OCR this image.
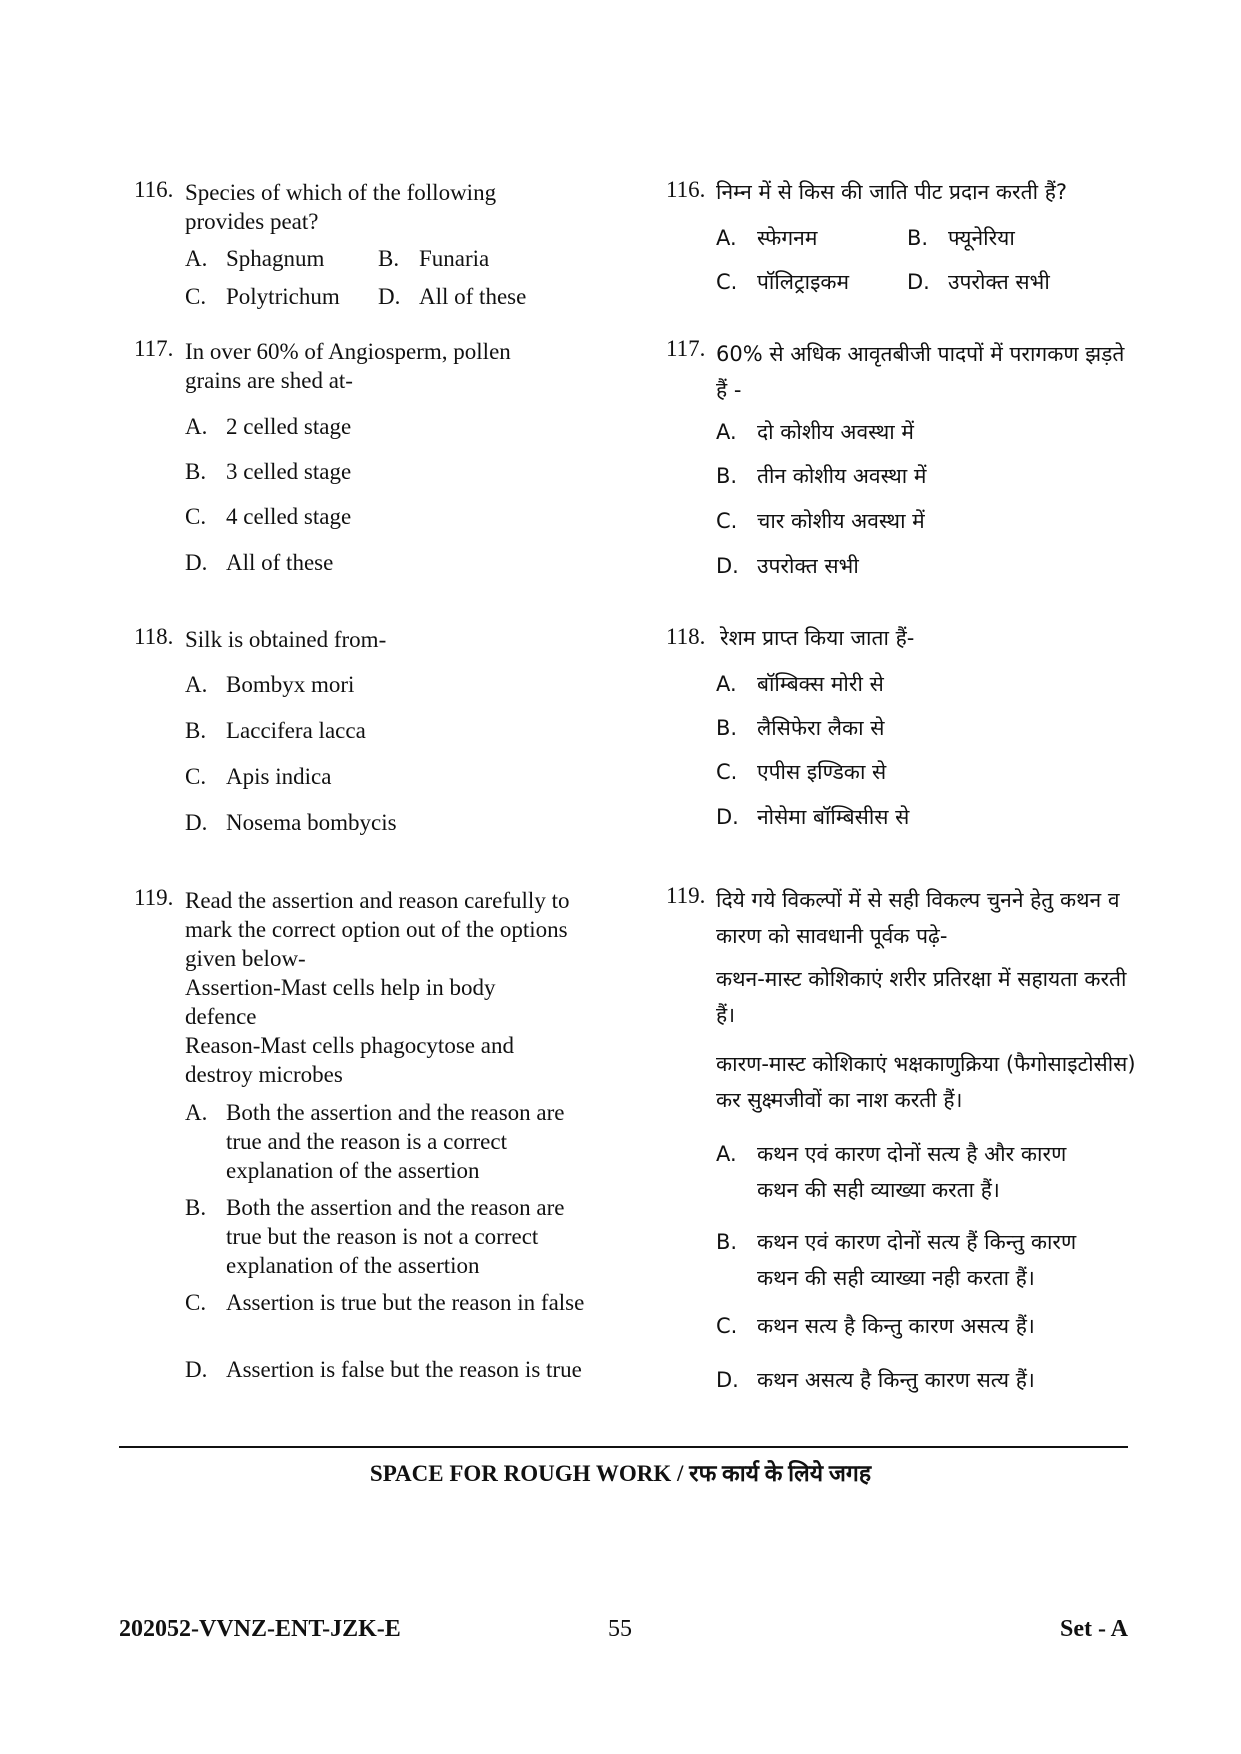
116. Species of which of the following provides peat?
A. Sphagnum B. Funaria
C. Polytrichum D. All of these
117. In over 60% of Angiosperm, pollen grains are shed at-
A. 2 celled stage
B. 3 celled stage
C. 4 celled stage
D. All of these
118. Silk is obtained from-
A. Bombyx mori
B. Laccifera lacca
C. Apis indica
D. Nosema bombycis
119. Read the assertion and reason carefully to mark the correct option out of the options given below-
Assertion-Mast cells help in body defence
Reason-Mast cells phagocytose and destroy microbes
A. Both the assertion and the reason are true and the reason is a correct explanation of the assertion
B. Both the assertion and the reason are true but the reason is not a correct explanation of the assertion
C. Assertion is true but the reason in false
D. Assertion is false but the reason is true
116. निम्न में से किस की जाति पीट प्रदान करती हैं?
A. स्फेगनम	B. फ्यूनेरिया
C. पॉलिट्राइकम	D. उपरोक्त सभी
117. 60% से अधिक आवृतबीजी पादपों में परागकण झड़ते हैं -
A. दो कोशीय अवस्था में
B. तीन कोशीय अवस्था में
C. चार कोशीय अवस्था में
D. उपरोक्त सभी
118. रेशम प्राप्त किया जाता हैं-
A. बॉम्बिक्स मोरी से
B. लैसिफेरा लैका से
C. एपीस इण्डिका से
D. नोसेमा बॉम्बिसीस से
119. दिये गये विकल्पों में से सही विकल्प चुनने हेतु कथन व कारण को सावधानी पूर्वक पढ़े-
कथन-मास्ट कोशिकाएं शरीर प्रतिरक्षा में सहायता करती हैं।
कारण-मास्ट कोशिकाएं भक्षकाणुक्रिया (फैगोसाइटोसीस) कर सुक्ष्मजीवों का नाश करती हैं।
A. कथन एवं कारण दोनों सत्य है और कारण कथन की सही व्याख्या करता हैं।
B. कथन एवं कारण दोनों सत्य हैं किन्तु कारण कथन की सही व्याख्या नही करता हैं।
C. कथन सत्य है किन्तु कारण असत्य हैं।
D. कथन असत्य है किन्तु कारण सत्य हैं।
SPACE FOR ROUGH WORK / रफ कार्य के लिये जगह
202052-VVNZ-ENT-JZK-E	55	Set - A
